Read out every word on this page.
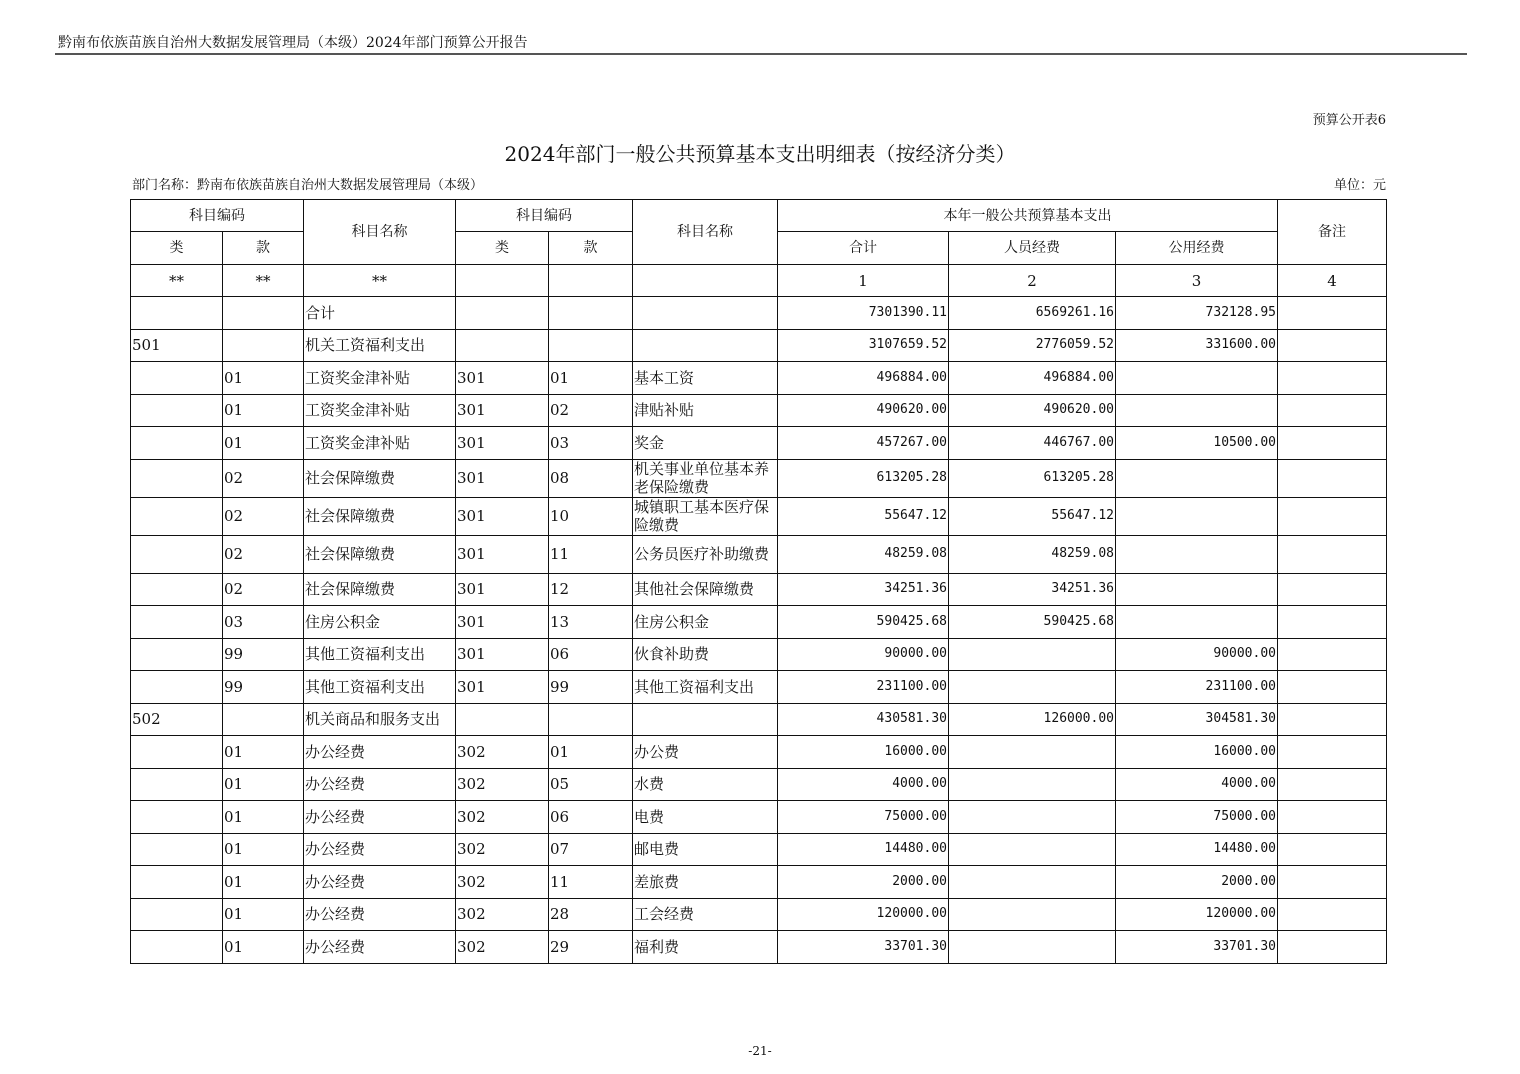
黔南布依族苗族自治州大数据发展管理局（本级）2024年部门预算公开报告
预算公开表6
2024年部门一般公共预算基本支出明细表（按经济分类）
部门名称：黔南布依族苗族自治州大数据发展管理局（本级）	单位：元
科目编码		科目名称	科目编码		科目名称	本年一般公共预算基本支出			备注
类	款		类	款		合计	人员经费	公用经费	
**	**	**				1	2	3	4
		合计				7301390.11	6569261.16	732128.95	
501		机关工资福利支出				3107659.52	2776059.52	331600.00	
	01	工资奖金津补贴	301	01	基本工资	496884.00	496884.00		
	01	工资奖金津补贴	301	02	津贴补贴	490620.00	490620.00		
	01	工资奖金津补贴	301	03	奖金	457267.00	446767.00	10500.00	
	02	社会保障缴费	301	08	机关事业单位基本养老保险缴费	613205.28	613205.28		
	02	社会保障缴费	301	10	城镇职工基本医疗保险缴费	55647.12	55647.12		
	02	社会保障缴费	301	11	公务员医疗补助缴费	48259.08	48259.08		
	02	社会保障缴费	301	12	其他社会保障缴费	34251.36	34251.36		
	03	住房公积金	301	13	住房公积金	590425.68	590425.68		
	99	其他工资福利支出	301	06	伙食补助费	90000.00		90000.00	
	99	其他工资福利支出	301	99	其他工资福利支出	231100.00		231100.00	
502		机关商品和服务支出				430581.30	126000.00	304581.30	
	01	办公经费	302	01	办公费	16000.00		16000.00	
	01	办公经费	302	05	水费	4000.00		4000.00	
	01	办公经费	302	06	电费	75000.00		75000.00	
	01	办公经费	302	07	邮电费	14480.00		14480.00	
	01	办公经费	302	11	差旅费	2000.00		2000.00	
	01	办公经费	302	28	工会经费	120000.00		120000.00	
	01	办公经费	302	29	福利费	33701.30		33701.30	
-21-
